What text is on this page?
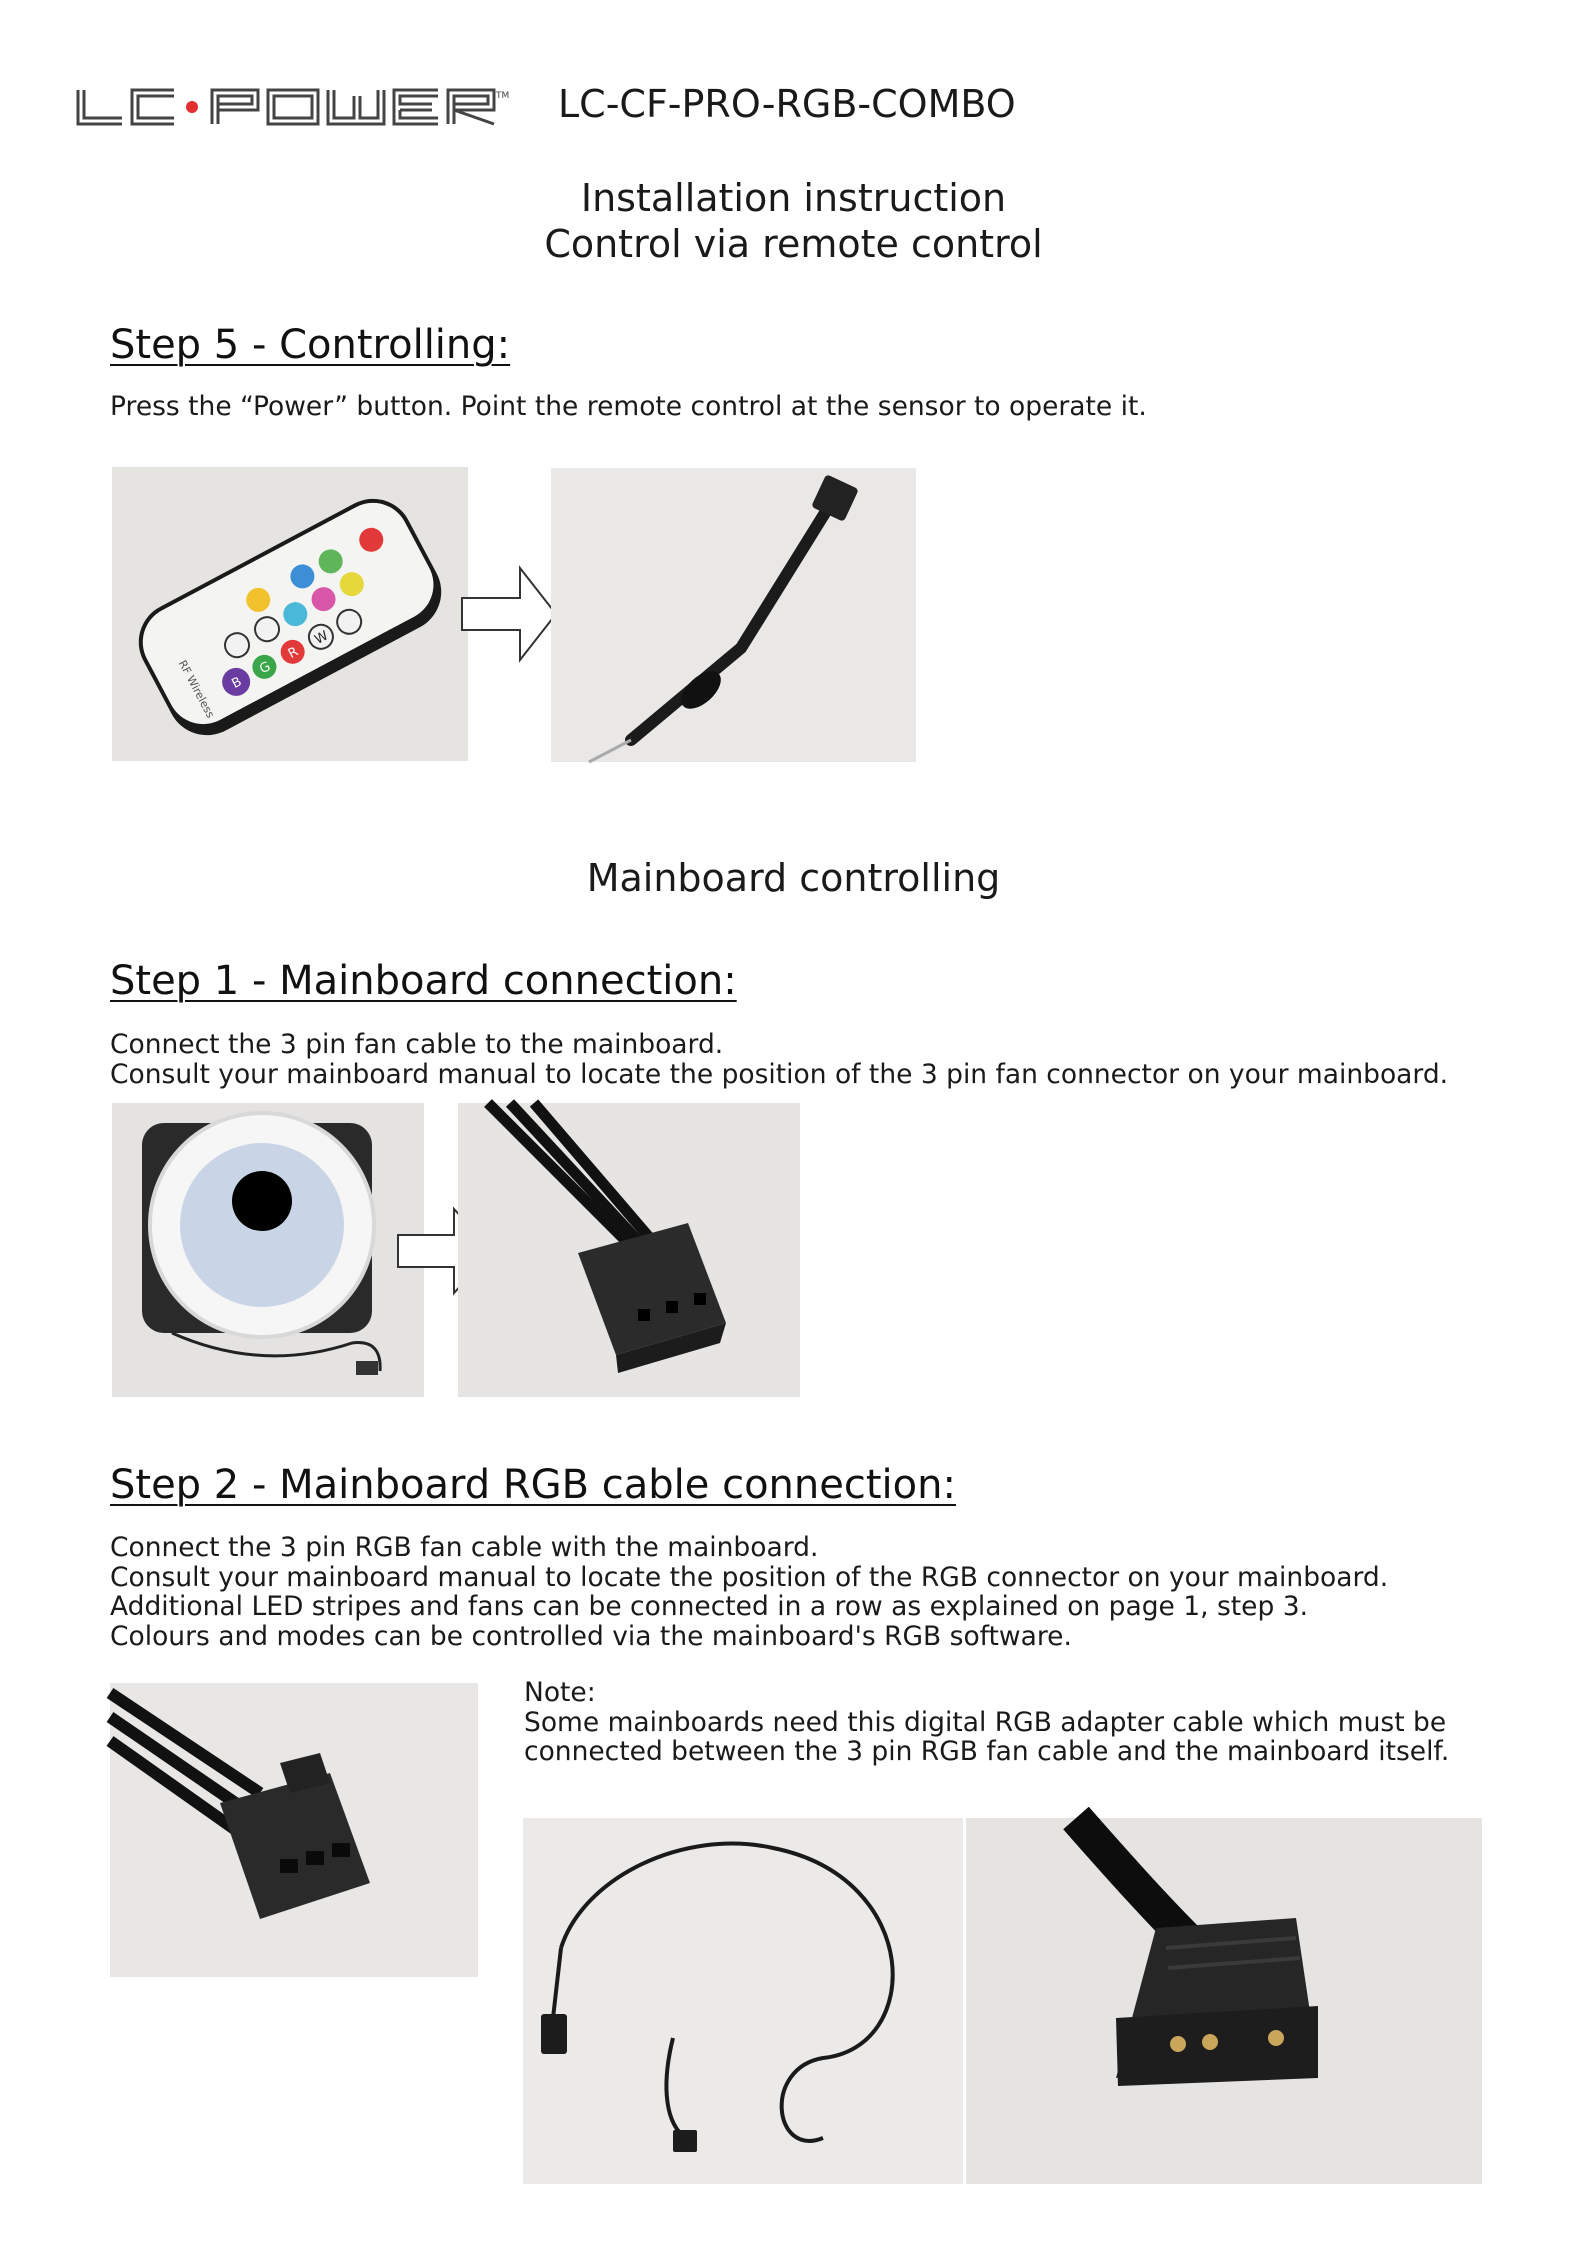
TM LC-CF-PRO-RGB-COMBO
Installation instruction
Control via remote control
Step 5 - Controlling:
Press the “Power” button. Point the remote control at the sensor to operate it.
W
R
G
B
RF Wireless
Mainboard controlling
Step 1 - Mainboard connection:
Connect the 3 pin fan cable to the mainboard.
Consult your mainboard manual to locate the position of the 3 pin fan connector on your mainboard.
Step 2 - Mainboard RGB cable connection:
Connect the 3 pin RGB fan cable with the mainboard.
Consult your mainboard manual to locate the position of the RGB connector on your mainboard.
Additional LED stripes and fans can be connected in a row as explained on page 1, step 3.
Colours and modes can be controlled via the mainboard's RGB software.
Note:
Some mainboards need this digital RGB adapter cable which must be
connected between the 3 pin RGB fan cable and the mainboard itself.
